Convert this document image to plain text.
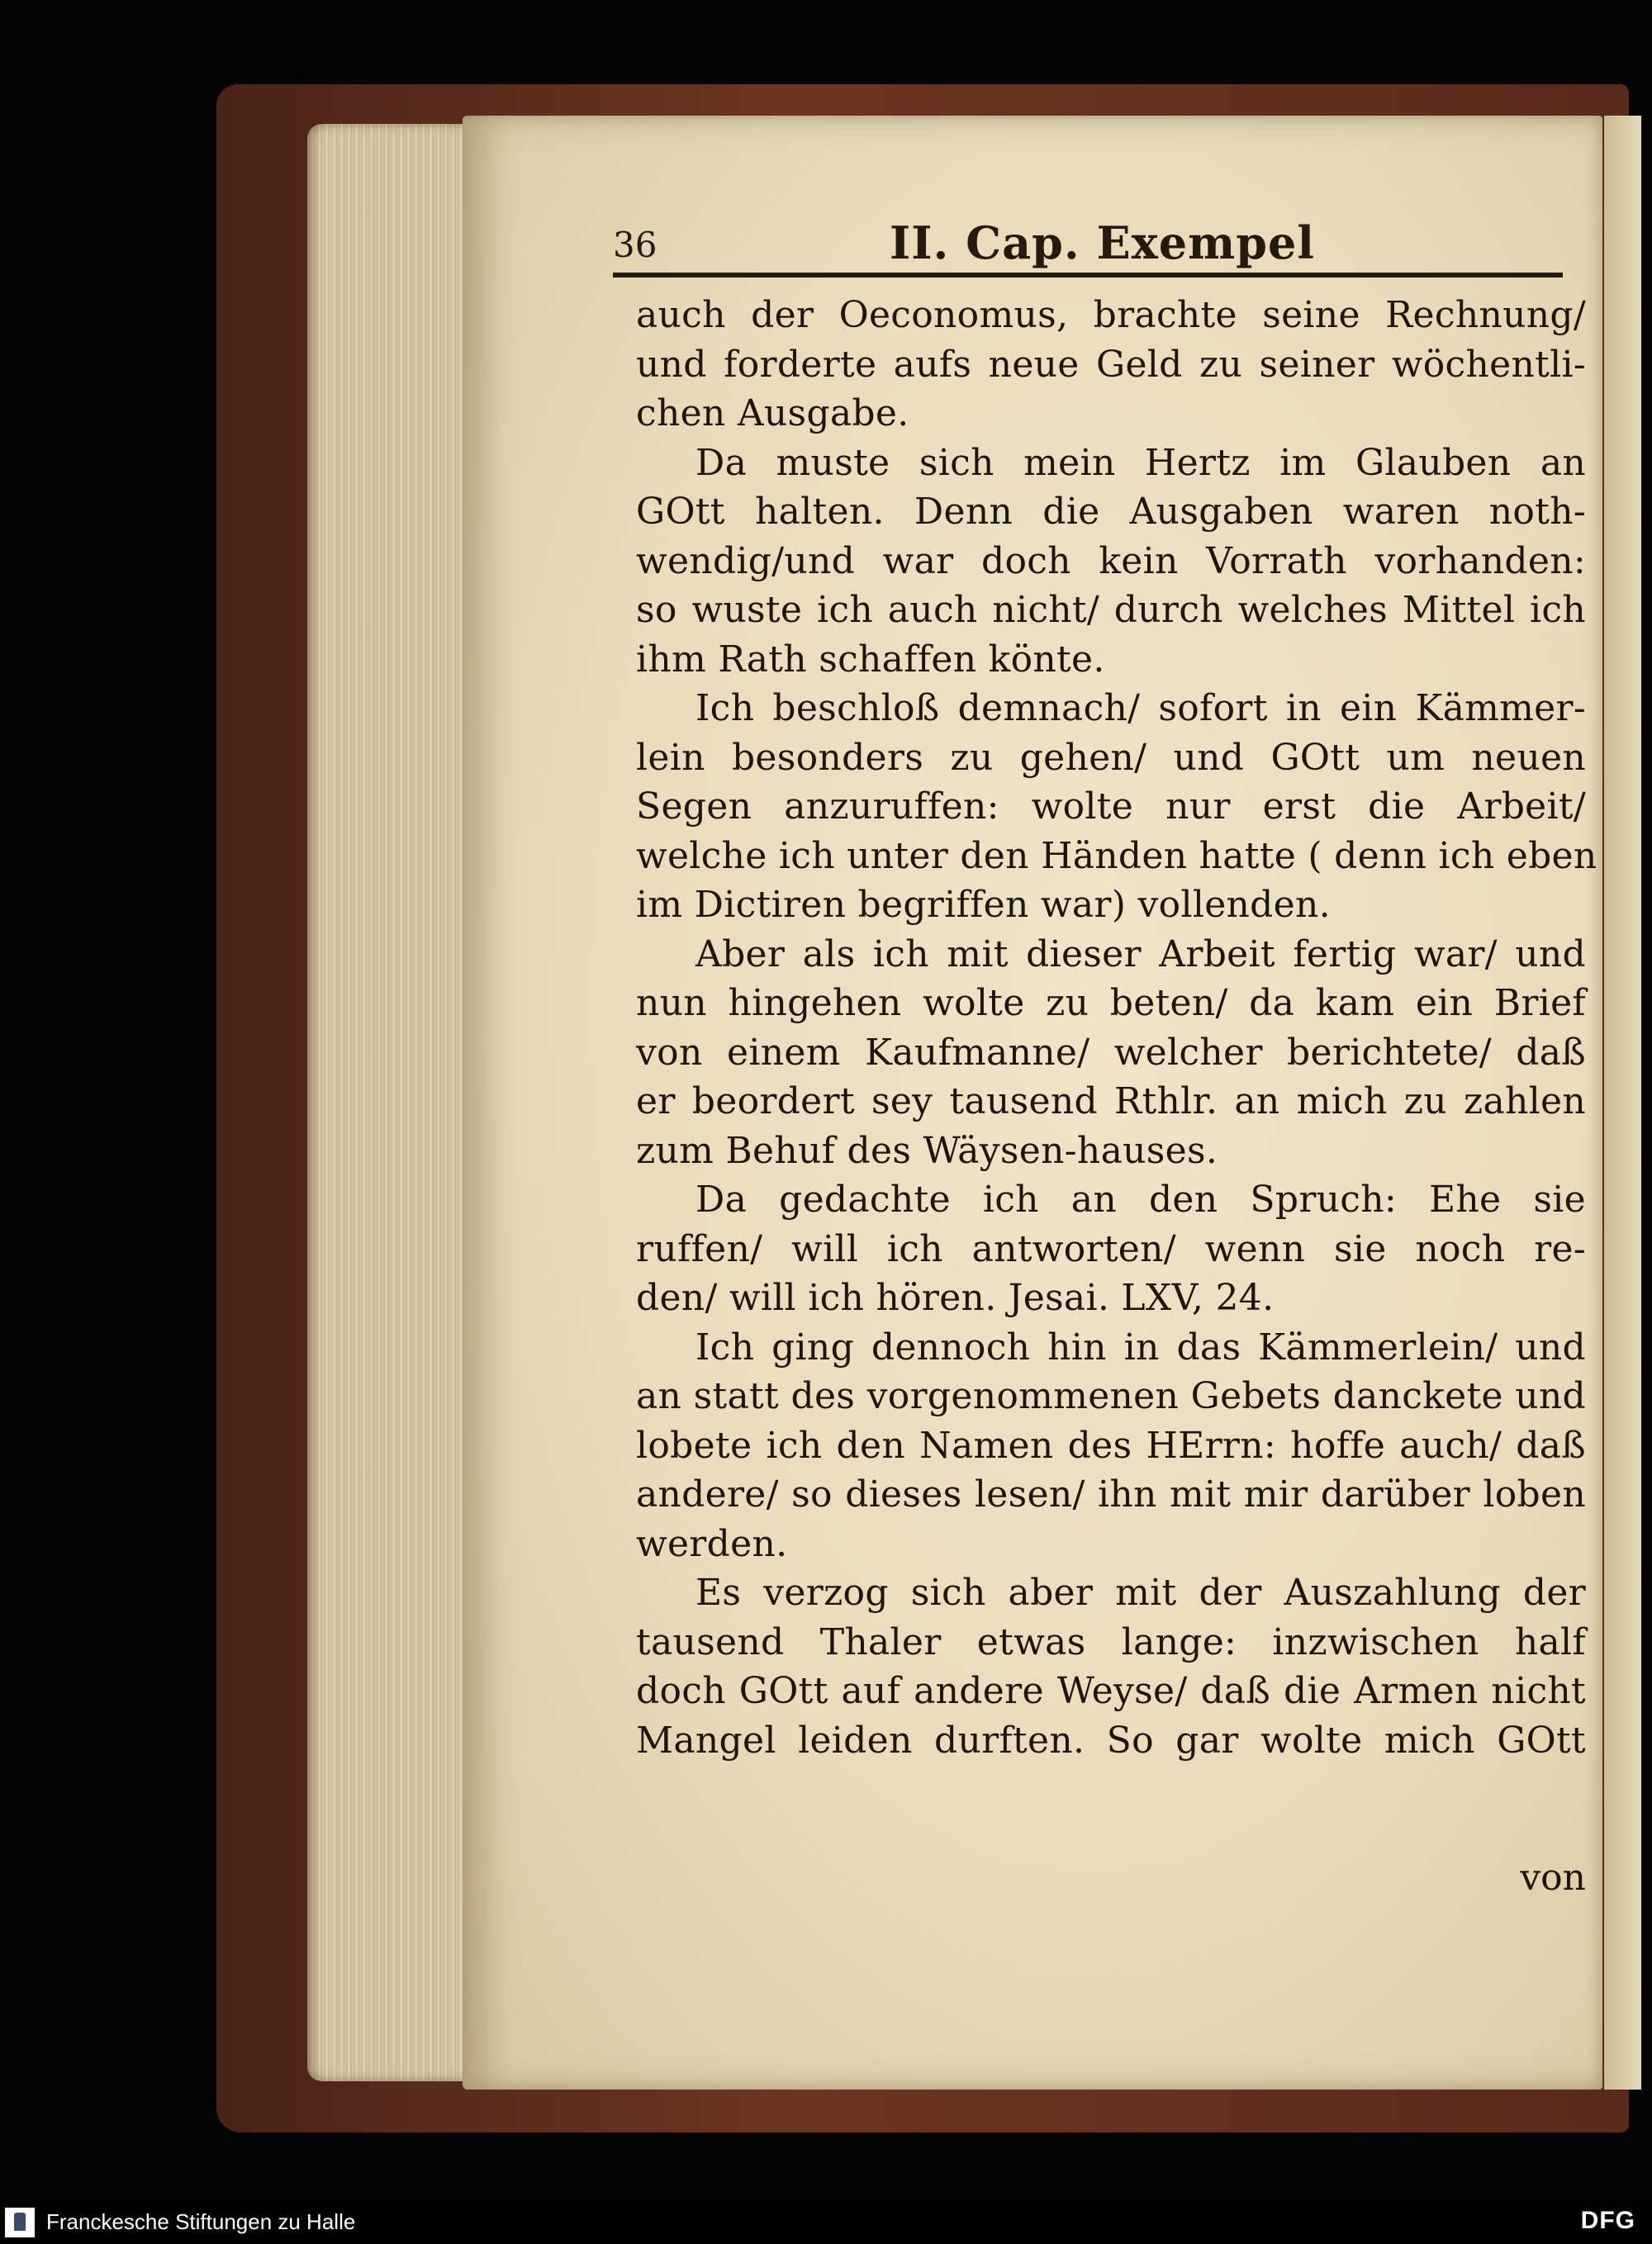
36	II. Cap. Exempel
auch der Oeconomus, brachte seine Rechnung/
und forderte aufs neue Geld zu seiner wöchentli-
chen Ausgabe.
Da muste sich mein Hertz im Glauben an
GOtt halten. Denn die Ausgaben waren noth-
wendig/und war doch kein Vorrath vorhanden:
so wuste ich auch nicht/ durch welches Mittel ich
ihm Rath schaffen könte.
Ich beschloß demnach/ sofort in ein Kämmer-
lein besonders zu gehen/ und GOtt um neuen
Segen anzuruffen: wolte nur erst die Arbeit/
welche ich unter den Händen hatte ( denn ich eben
im Dictiren begriffen war) vollenden.
Aber als ich mit dieser Arbeit fertig war/ und
nun hingehen wolte zu beten/ da kam ein Brief
von einem Kaufmanne/ welcher berichtete/ daß
er beordert sey tausend Rthlr. an mich zu zahlen
zum Behuf des Wäysen-hauses.
Da gedachte ich an den Spruch: Ehe sie
ruffen/ will ich antworten/ wenn sie noch re-
den/ will ich hören. Jesai. LXV, 24.
Ich ging dennoch hin in das Kämmerlein/ und
an statt des vorgenommenen Gebets danckete und
lobete ich den Namen des HErrn: hoffe auch/ daß
andere/ so dieses lesen/ ihn mit mir darüber loben
werden.
Es verzog sich aber mit der Auszahlung der
tausend Thaler etwas lange: inzwischen half
doch GOtt auf andere Weyse/ daß die Armen nicht
Mangel leiden durften. So gar wolte mich GOtt
von
Franckesche Stiftungen zu Halle	DFG
